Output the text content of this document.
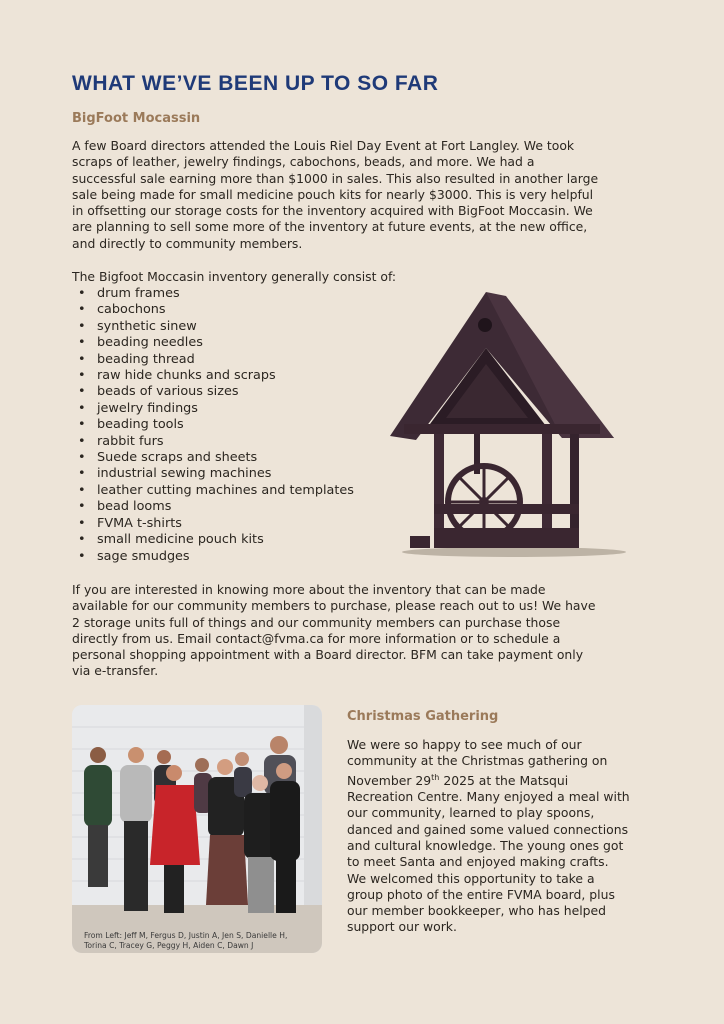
WHAT WE’VE BEEN UP TO SO FAR
BigFoot Mocassin
A few Board directors attended the Louis Riel Day Event at Fort Langley. We took
scraps of leather, jewelry findings, cabochons, beads, and more. We had a
successful sale earning more than $1000 in sales. This also resulted in another large
sale being made for small medicine pouch kits for nearly $3000. This is very helpful
in offsetting our storage costs for the inventory acquired with BigFoot Moccasin. We
are planning to sell some more of the inventory at future events, at the new office,
and directly to community members.
The Bigfoot Moccasin inventory generally consist of:
• drum frames
• cabochons
• synthetic sinew
• beading needles
• beading thread
• raw hide chunks and scraps
• beads of various sizes
• jewelry findings
• beading tools
• rabbit furs
• Suede scraps and sheets
• industrial sewing machines
• leather cutting machines and templates
• bead looms
• FVMA t-shirts
• small medicine pouch kits
• sage smudges
If you are interested in knowing more about the inventory that can be made
available for our community members to purchase, please reach out to us! We have
2 storage units full of things and our community members can purchase those
directly from us. Email contact@fvma.ca for more information or to schedule a
personal shopping appointment with a Board director. BFM can take payment only
via e-transfer.
From Left: Jeff M, Fergus D, Justin A, Jen S, Danielle H,
Torina C, Tracey G, Peggy H, Aiden C, Dawn J
Christmas Gathering
We were so happy to see much of our
community at the Christmas gathering on
November 29th 2025 at the Matsqui
Recreation Centre. Many enjoyed a meal with
our community, learned to play spoons,
danced and gained some valued connections
and cultural knowledge. The young ones got
to meet Santa and enjoyed making crafts.
We welcomed this opportunity to take a
group photo of the entire FVMA board, plus
our member bookkeeper, who has helped
support our work.
